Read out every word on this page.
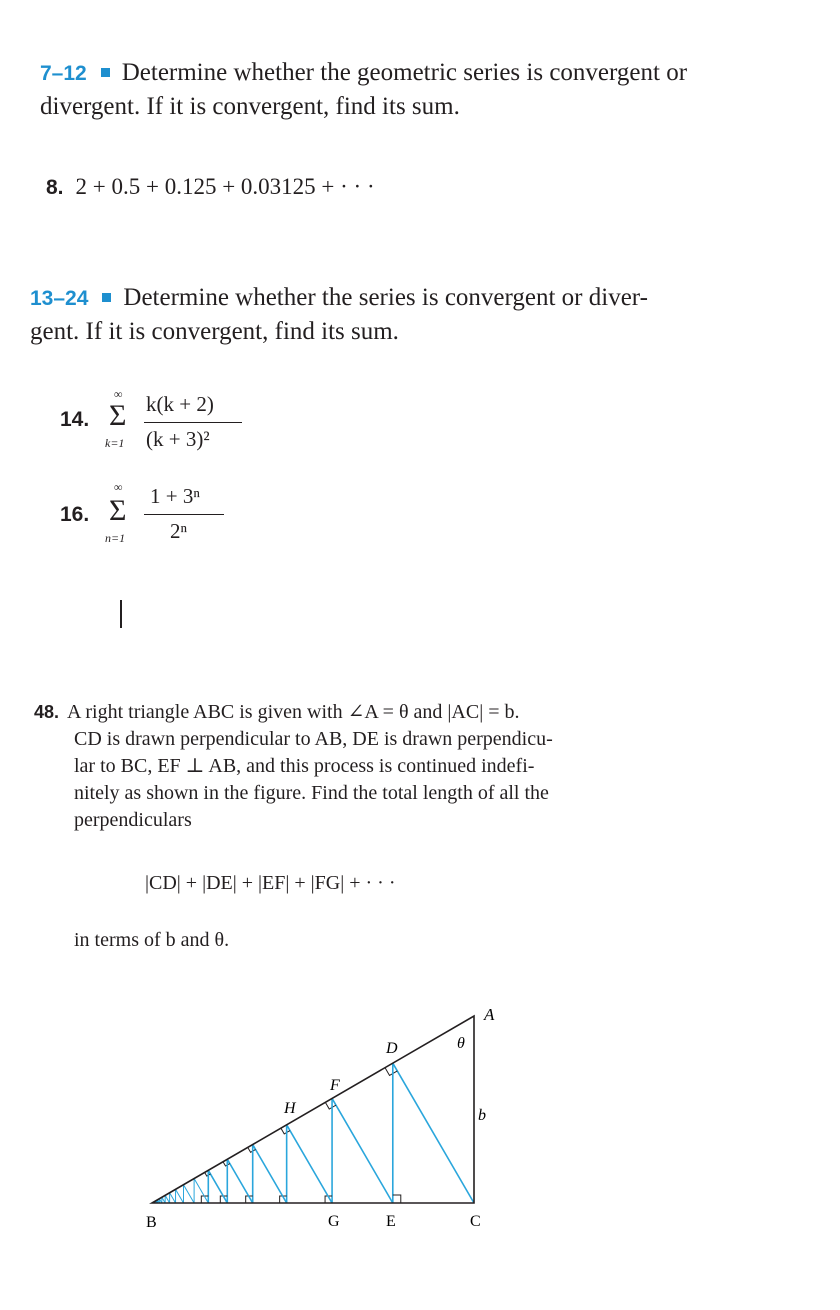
7–12 Determine whether the geometric series is convergent or
divergent. If it is convergent, find its sum.
8. 2 + 0.5 + 0.125 + 0.03125 + · · ·
13–24 Determine whether the series is convergent or diver-
gent. If it is convergent, find its sum.
14.
∞
Σ
k=1
k(k + 2)
(k + 3)²
16.
∞
Σ
n=1
1 + 3ⁿ
2ⁿ
48. A right triangle ABC is given with ∠A = θ and |AC| = b.
CD is drawn perpendicular to AB, DE is drawn perpendicu-
lar to BC, EF ⊥ AB, and this process is continued indefi-
nitely as shown in the figure. Find the total length of all the
perpendiculars
|CD| + |DE| + |EF| + |FG| + · · ·
in terms of b and θ.
A
B	C
D
E
F
G
H
θ
b
